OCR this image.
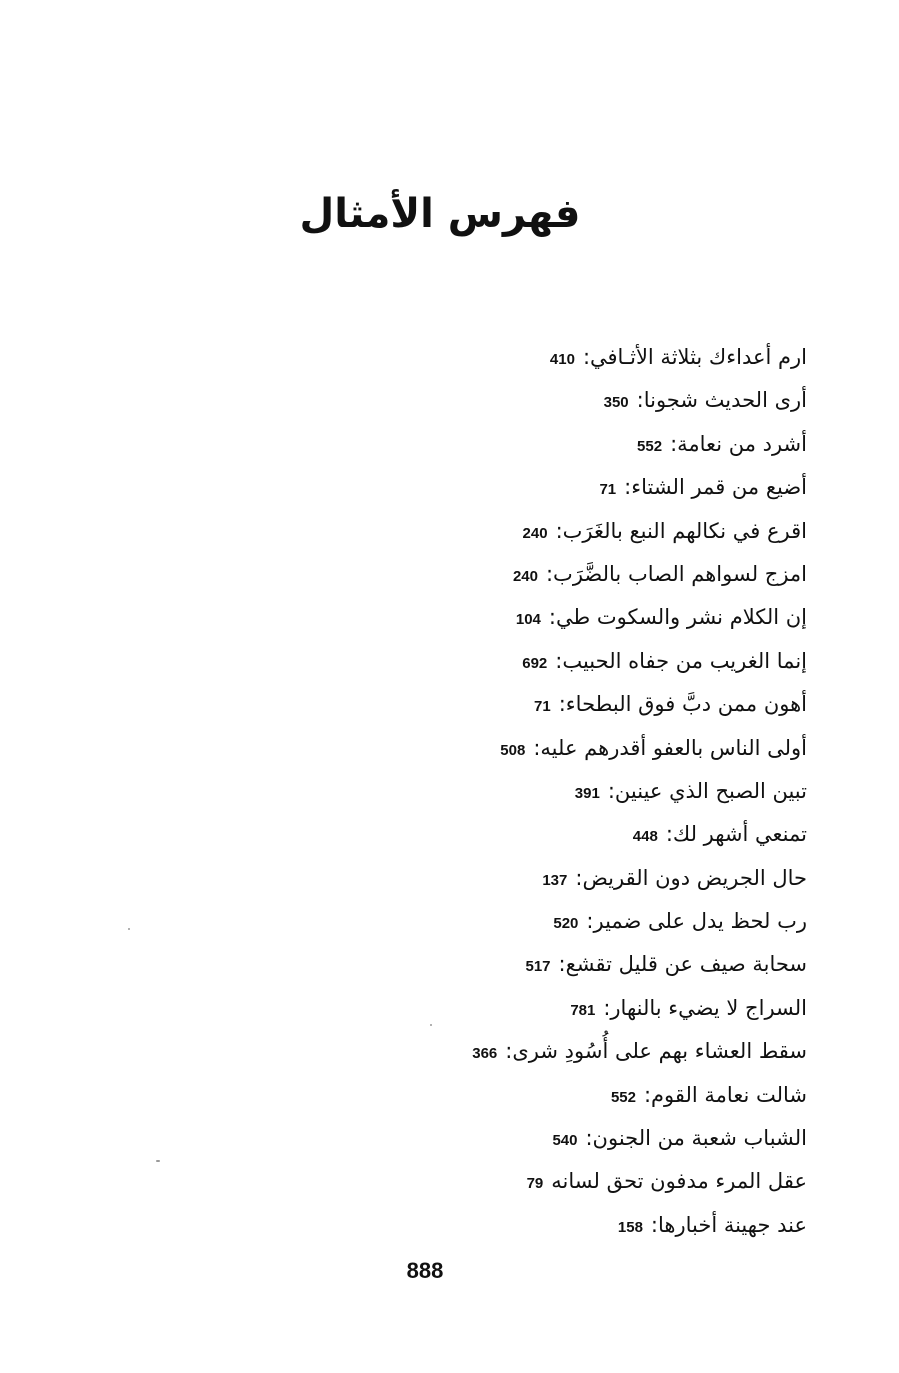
فهرس الأمثال
ارم أعداءك بثلاثة الأثـافي:410
أرى الحديث شجونا:350
أشرد من نعامة:552
أضيع من قمر الشتاء:71
اقرع في نكالهم النبع بالغَرَب:240
امزج لسواهم الصاب بالضَّرَب:240
إن الكلام نشر والسكوت طي:104
إنما الغريب من جفاه الحبيب:692
أهون ممن دبَّ فوق البطحاء:71
أولى الناس بالعفو أقدرهم عليه:508
تبين الصبح الذي عينين:391
تمنعي أشهر لك:448
حال الجريض دون القريض:137
رب لحظ يدل على ضمير:520
سحابة صيف عن قليل تقشع:517
السراج لا يضيء بالنهار:781
سقط العشاء بهم على أُسُودِ شرى:366
شالت نعامة القوم:552
الشباب شعبة من الجنون:540
عقل المرء مدفون تحق لسانه79
عند جهينة أخبارها:158
888
